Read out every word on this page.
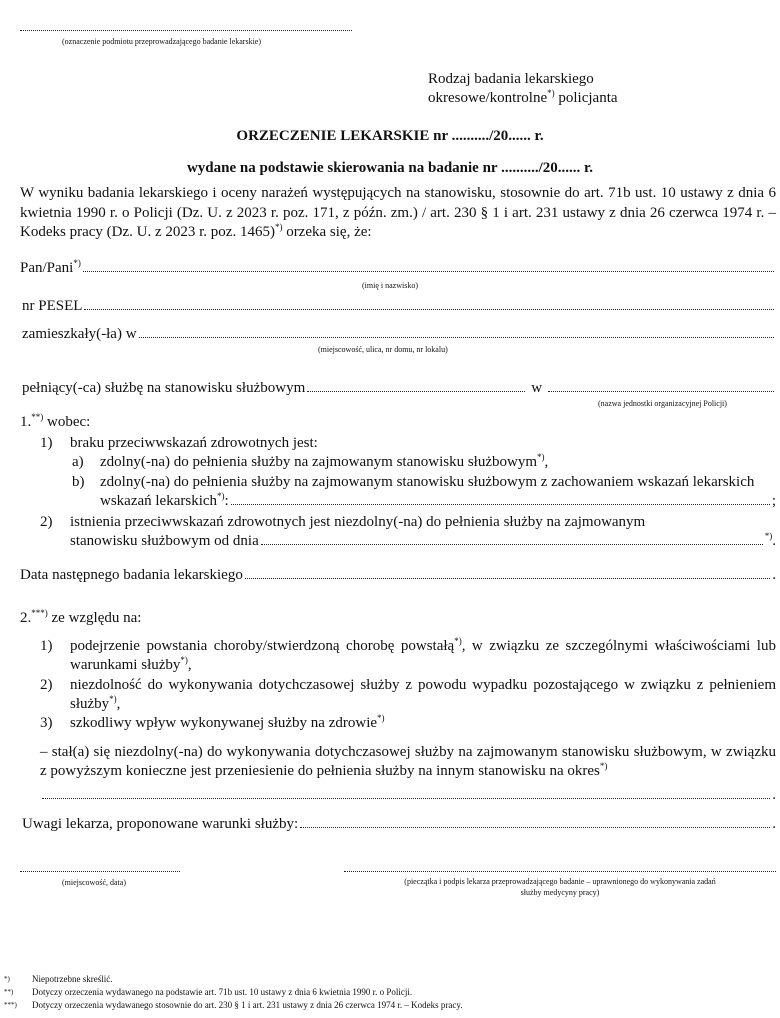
(oznaczenie podmiotu przeprowadzającego badanie lekarskie)
Rodzaj badania lekarskiego
okresowe/kontrolne*) policjanta
ORZECZENIE LEKARSKIE nr ........../20...... r.
wydane na podstawie skierowania na badanie nr ........../20...... r.
W wyniku badania lekarskiego i oceny narażeń występujących na stanowisku, stosownie do art. 71b ust. 10 ustawy z dnia 6 kwietnia 1990 r. o Policji (Dz. U. z 2023 r. poz. 171, z późn. zm.) / art. 230 § 1 i art. 231 ustawy z dnia 26 czerwca 1974 r. – Kodeks pracy (Dz. U. z 2023 r. poz. 1465)*) orzeka się, że:
Pan/Pani*)
(imię i nazwisko)
nr PESEL
zamieszkały(-ła) w
(miejscowość, ulica, nr domu, nr lokalu)
pełniący(-ca) służbę na stanowisku służbowym	w
(nazwa jednostki organizacyjnej Policji)
1.**) wobec:
1) braku przeciwwskazań zdrowotnych jest:
a) zdolny(-na) do pełnienia służby na zajmowanym stanowisku służbowym*),
b) zdolny(-na) do pełnienia służby na zajmowanym stanowisku służbowym z zachowaniem wskazań lekarskich
wskazań lekarskich*):	;
2) istnienia przeciwwskazań zdrowotnych jest niezdolny(-na) do pełnienia służby na zajmowanym
stanowisku służbowym od dnia	*).
Data następnego badania lekarskiego	.
2.***) ze względu na:
1)	podejrzenie powstania choroby/stwierdzoną chorobę powstałą*), w związku ze szczególnymi właściwościami lub warunkami służby*),
2)	niezdolność do wykonywania dotychczasowej służby z powodu wypadku pozostającego w związku z pełnieniem służby*),
3) szkodliwy wpływ wykonywanej służby na zdrowie*)
– stał(a) się niezdolny(-na) do wykonywania dotychczasowej służby na zajmowanym stanowisku służbowym, w związku z powyższym konieczne jest przeniesienie do pełnienia służby na innym stanowisku na okres*)
.
Uwagi lekarza, proponowane warunki służby:	.
(miejscowość, data)	(pieczątka i podpis lekarza przeprowadzającego badanie – uprawnionego do wykonywania zadań
służby medycyny pracy)
*)	Niepotrzebne skreślić.
**)	Dotyczy orzeczenia wydawanego na podstawie art. 71b ust. 10 ustawy z dnia 6 kwietnia 1990 r. o Policji.
***)	Dotyczy orzeczenia wydawanego stosownie do art. 230 § 1 i art. 231 ustawy z dnia 26 czerwca 1974 r. – Kodeks pracy.
